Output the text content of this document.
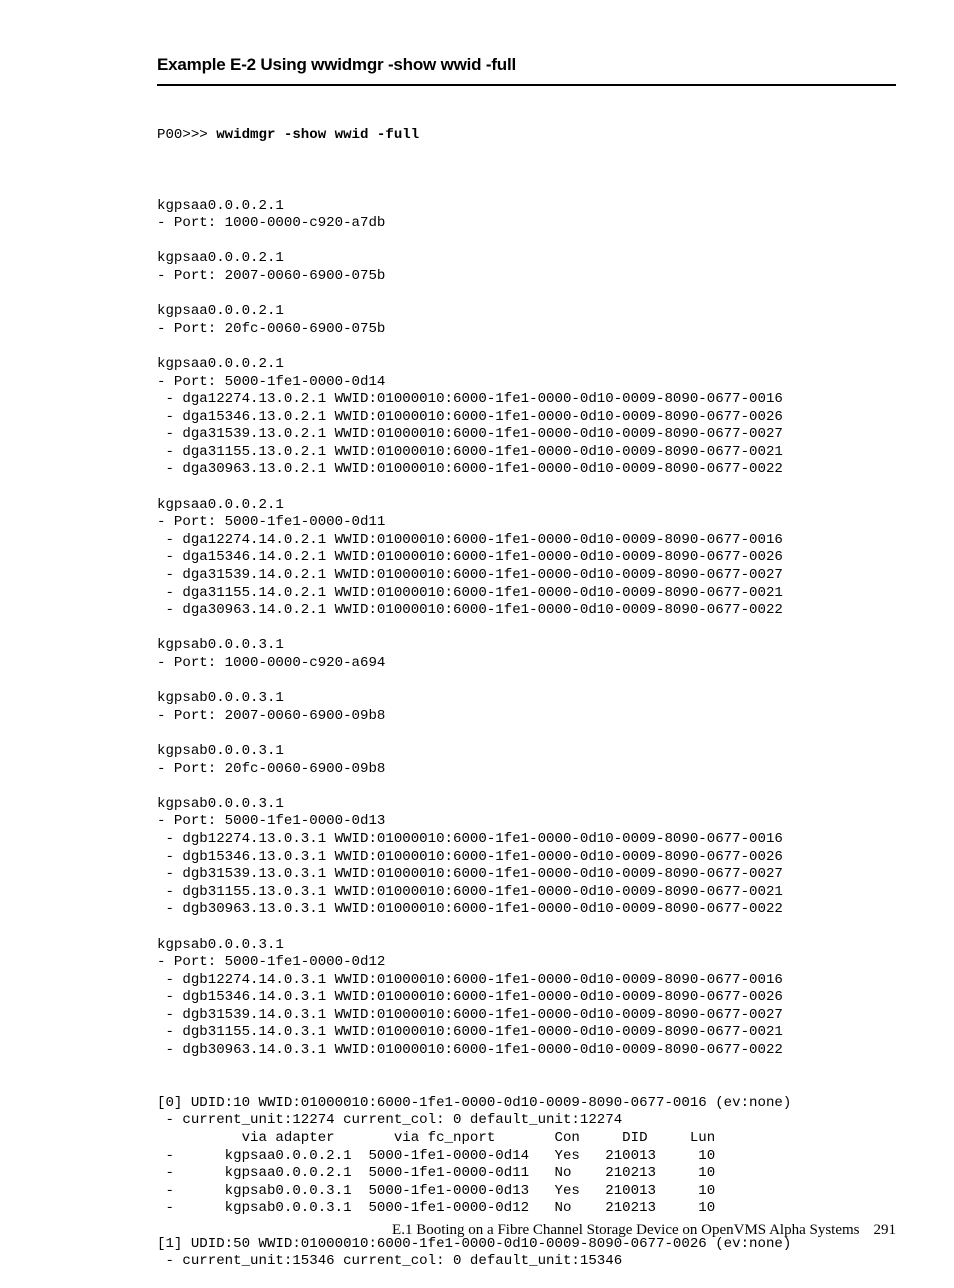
Example E-2 Using wwidmgr -show wwid -full

P00>>> wwidmgr -show wwid -full

kgpsaa0.0.0.2.1
- Port: 1000-0000-c920-a7db
kgpsaa0.0.0.2.1
- Port: 2007-0060-6900-075b
kgpsaa0.0.0.2.1
- Port: 20fc-0060-6900-075b
kgpsaa0.0.0.2.1
- Port: 5000-1fe1-0000-0d14
- dga12274.13.0.2.1 WWID:01000010:6000-1fe1-0000-0d10-0009-8090-0677-0016
- dga15346.13.0.2.1 WWID:01000010:6000-1fe1-0000-0d10-0009-8090-0677-0026
- dga31539.13.0.2.1 WWID:01000010:6000-1fe1-0000-0d10-0009-8090-0677-0027
- dga31155.13.0.2.1 WWID:01000010:6000-1fe1-0000-0d10-0009-8090-0677-0021
- dga30963.13.0.2.1 WWID:01000010:6000-1fe1-0000-0d10-0009-8090-0677-0022
kgpsaa0.0.0.2.1
- Port: 5000-1fe1-0000-0d11
- dga12274.14.0.2.1 WWID:01000010:6000-1fe1-0000-0d10-0009-8090-0677-0016
- dga15346.14.0.2.1 WWID:01000010:6000-1fe1-0000-0d10-0009-8090-0677-0026
- dga31539.14.0.2.1 WWID:01000010:6000-1fe1-0000-0d10-0009-8090-0677-0027
- dga31155.14.0.2.1 WWID:01000010:6000-1fe1-0000-0d10-0009-8090-0677-0021
- dga30963.14.0.2.1 WWID:01000010:6000-1fe1-0000-0d10-0009-8090-0677-0022
kgpsab0.0.0.3.1
- Port: 1000-0000-c920-a694
kgpsab0.0.0.3.1
- Port: 2007-0060-6900-09b8
kgpsab0.0.0.3.1
- Port: 20fc-0060-6900-09b8
kgpsab0.0.0.3.1
- Port: 5000-1fe1-0000-0d13
- dgb12274.13.0.3.1 WWID:01000010:6000-1fe1-0000-0d10-0009-8090-0677-0016
- dgb15346.13.0.3.1 WWID:01000010:6000-1fe1-0000-0d10-0009-8090-0677-0026
- dgb31539.13.0.3.1 WWID:01000010:6000-1fe1-0000-0d10-0009-8090-0677-0027
- dgb31155.13.0.3.1 WWID:01000010:6000-1fe1-0000-0d10-0009-8090-0677-0021
- dgb30963.13.0.3.1 WWID:01000010:6000-1fe1-0000-0d10-0009-8090-0677-0022
kgpsab0.0.0.3.1
- Port: 5000-1fe1-0000-0d12
- dgb12274.14.0.3.1 WWID:01000010:6000-1fe1-0000-0d10-0009-8090-0677-0016
- dgb15346.14.0.3.1 WWID:01000010:6000-1fe1-0000-0d10-0009-8090-0677-0026
- dgb31539.14.0.3.1 WWID:01000010:6000-1fe1-0000-0d10-0009-8090-0677-0027
- dgb31155.14.0.3.1 WWID:01000010:6000-1fe1-0000-0d10-0009-8090-0677-0021
- dgb30963.14.0.3.1 WWID:01000010:6000-1fe1-0000-0d10-0009-8090-0677-0022
[0] UDID:10 WWID:01000010:6000-1fe1-0000-0d10-0009-8090-0677-0016 (ev:none)
- current_unit:12274 current_col: 0 default_unit:12274
via adapter       via fc_nport       Con     DID     Lun
-      kgpsaa0.0.0.2.1  5000-1fe1-0000-0d14   Yes   210013     10
-      kgpsaa0.0.0.2.1  5000-1fe1-0000-0d11   No    210213     10
-      kgpsab0.0.0.3.1  5000-1fe1-0000-0d13   Yes   210013     10
-      kgpsab0.0.0.3.1  5000-1fe1-0000-0d12   No    210213     10
[1] UDID:50 WWID:01000010:6000-1fe1-0000-0d10-0009-8090-0677-0026 (ev:none)
- current_unit:15346 current_col: 0 default_unit:15346

E.1 Booting on a Fibre Channel Storage Device on OpenVMS Alpha Systems 291
